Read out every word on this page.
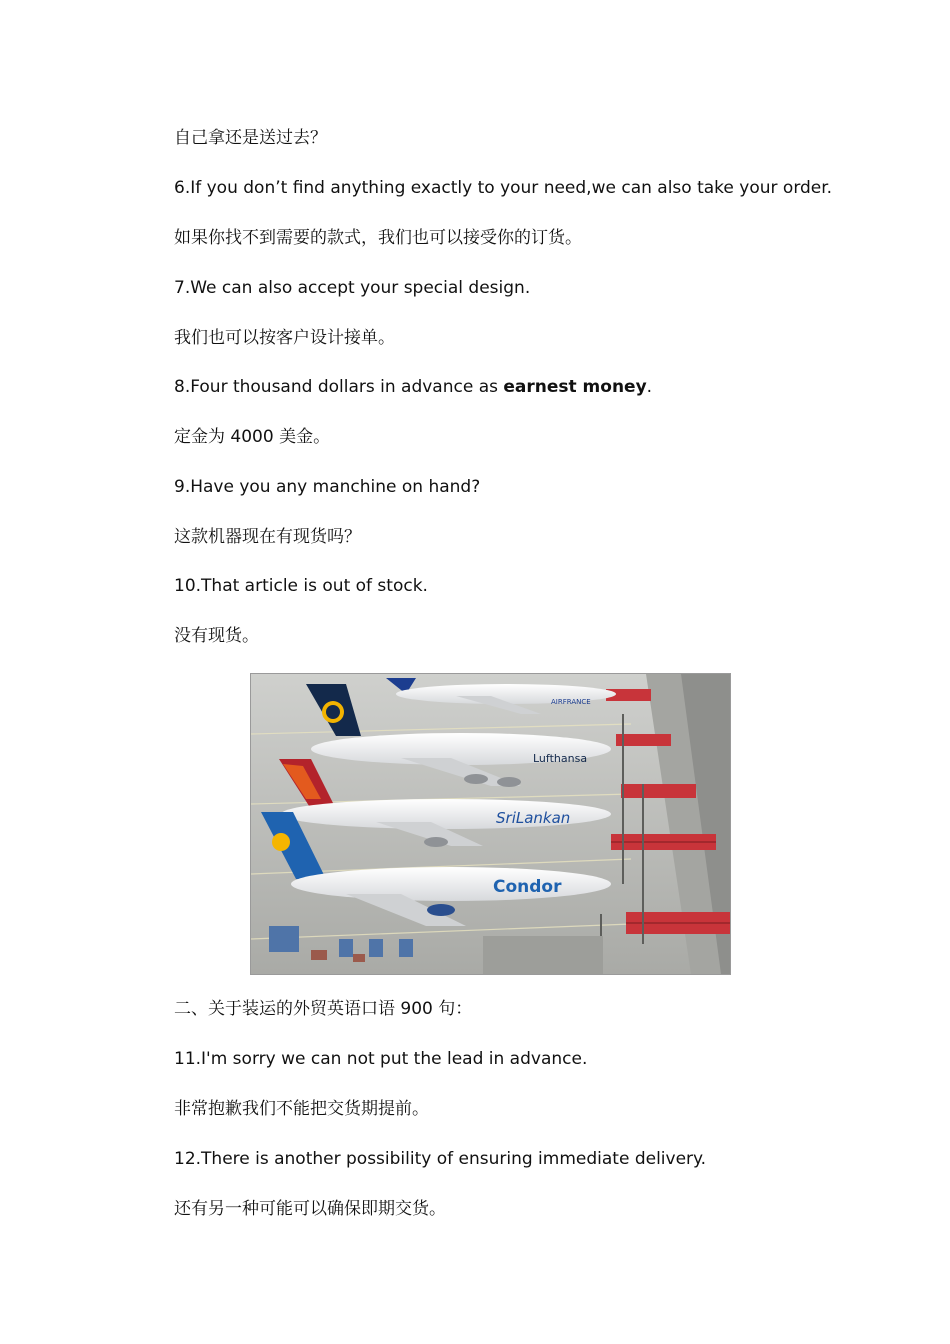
自己拿还是送过去？
6.If you don’t find anything exactly to your need,we can also take your order.
如果你找不到需要的款式，我们也可以接受你的订货。
7.We can also accept your special design.
我们也可以按客户设计接单。
8.Four thousand dollars in advance as earnest money.
定金为 4000 美金。
9.Have you any manchine on hand?
这款机器现在有现货吗？
10.That article is out of stock.
没有现货。
AIRFRANCE
Lufthansa
SriLankan
Condor
二、关于装运的外贸英语口语 900 句：
11.I'm sorry we can not put the lead in advance.
非常抱歉我们不能把交货期提前。
12.There is another possibility of ensuring immediate delivery.
还有另一种可能可以确保即期交货。
